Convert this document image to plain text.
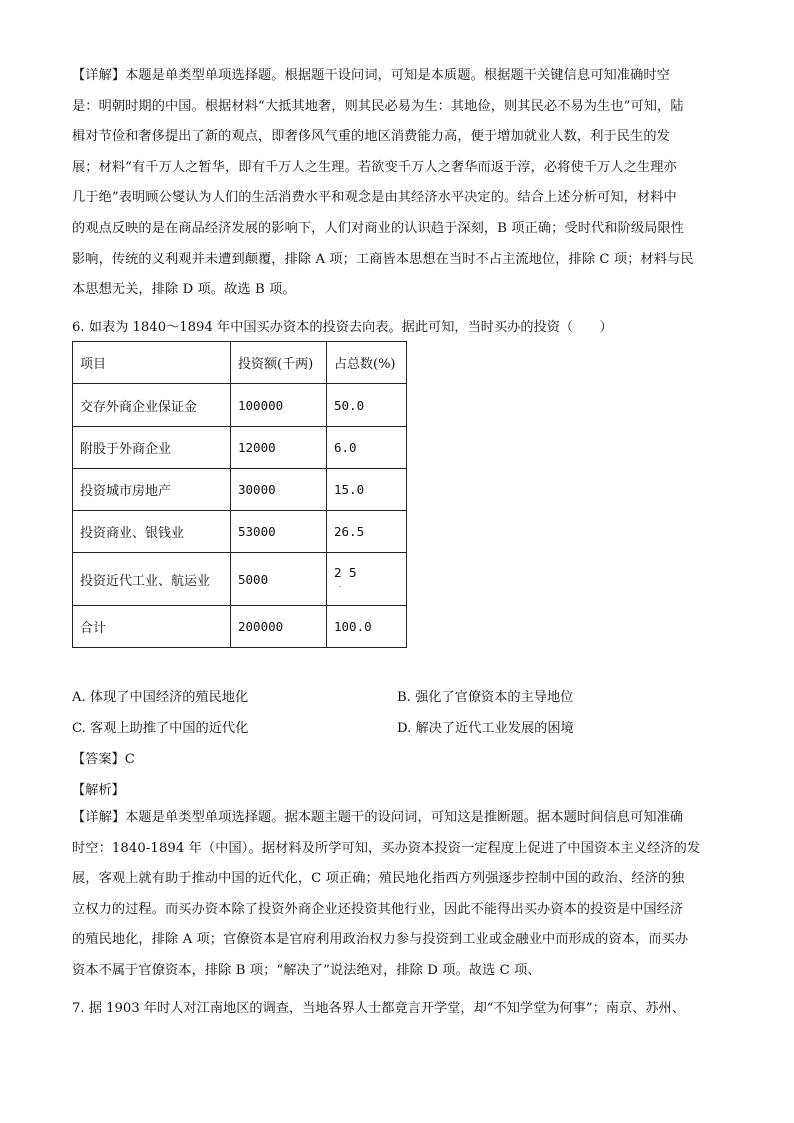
【详解】本题是单类型单项选择题。根据题干设问词，可知是本质题。根据题干关键信息可知准确时空
是：明朝时期的中国。根据材料“大抵其地奢，则其民必易为生：其地俭，则其民必不易为生也”可知，陆
楫对节俭和奢侈提出了新的观点，即奢侈风气重的地区消费能力高，便于增加就业人数，利于民生的发
展；材料“有千万人之暂华，即有千万人之生理。若欲变千万人之奢华而返于淳，必将使千万人之生理亦
几于绝”表明顾公燮认为人们的生活消费水平和观念是由其经济水平决定的。结合上述分析可知，材料中
的观点反映的是在商品经济发展的影响下，人们对商业的认识趋于深刻，B 项正确；受时代和阶级局限性
影响，传统的义利观并未遭到颠覆，排除 A 项；工商皆本思想在当时不占主流地位，排除 C 项；材料与民
本思想无关，排除 D 项。故选 B 项。
6. 如表为 1840～1894 年中国买办资本的投资去向表。据此可知，当时买办的投资（　　）
项目	投资额(千两)	占总数(%)
交存外商企业保证金	100000	50.0
附股于外商企业	12000	6.0
投资城市房地产	30000	15.0
投资商业、银钱业	53000	26.5
投资近代工业、航运业	5000	2 5
.

合计	200000	100.0
A. 体现了中国经济的殖民地化	B. 强化了官僚资本的主导地位
C. 客观上助推了中国的近代化	D. 解决了近代工业发展的困境
【答案】C
【解析】
【详解】本题是单类型单项选择题。据本题主题干的设问词，可知这是推断题。据本题时间信息可知准确
时空：1840-1894 年（中国）。据材料及所学可知，买办资本投资一定程度上促进了中国资本主义经济的发
展，客观上就有助于推动中国的近代化，C 项正确；殖民地化指西方列强逐步控制中国的政治、经济的独
立权力的过程。而买办资本除了投资外商企业还投资其他行业，因此不能得出买办资本的投资是中国经济
的殖民地化，排除 A 项；官僚资本是官府利用政治权力参与投资到工业或金融业中而形成的资本，而买办
资本不属于官僚资本，排除 B 项；“解决了”说法绝对，排除 D 项。故选 C 项、
7. 据 1903 年时人对江南地区的调查，当地各界人士都竟言开学堂，却“不知学堂为何事”；南京、苏州、
